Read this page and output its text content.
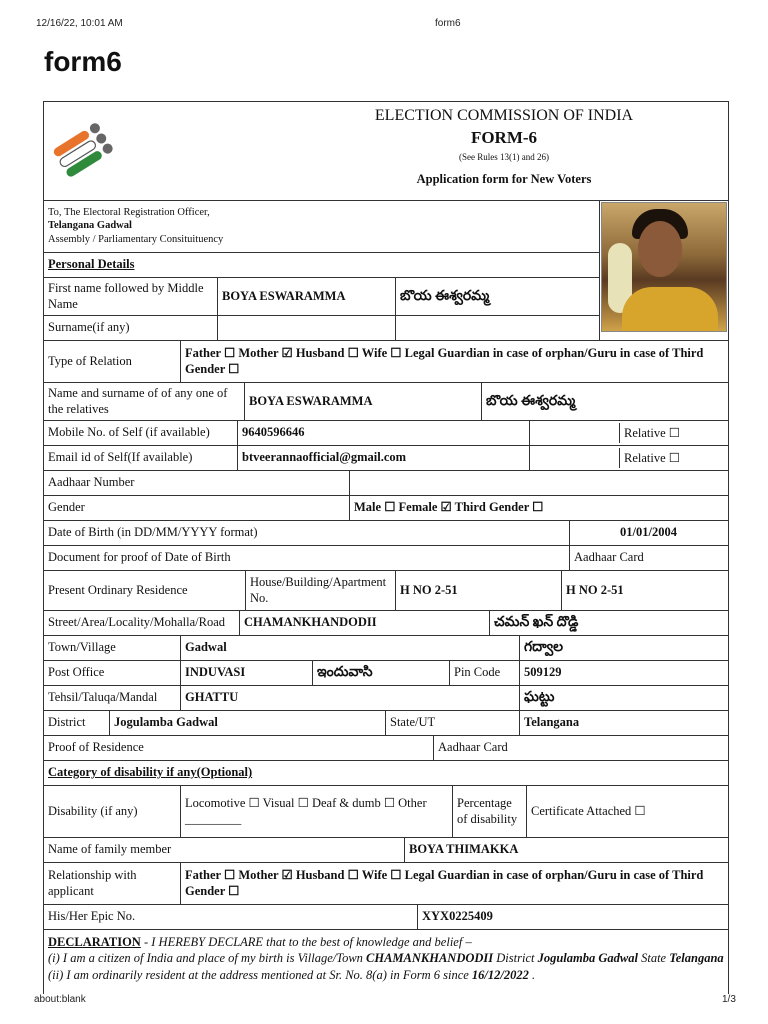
12/16/22, 10:01 AM	form6
form6
ELECTION COMMISSION OF INDIA
FORM-6
(See Rules 13(1) and 26)
Application form for New Voters
To, The Electoral Registration Officer,
Telangana Gadwal
Assembly / Parliamentary Consituituency			

Personal Details			
First name followed by Middle Name	BOYA ESWARAMMA	బొయ ఈశ్వరమ్మ	
Surname(if any)			
Type of Relation	Father ☐ Mother ☑ Husband ☐ Wife ☐ Legal Guardian in case of orphan/Guru in case of Third Gender ☐
Name and surname of of any one of the relatives	BOYA ESWARAMMA	బొయ ఈశ్వరమ్మ
Mobile No. of Self (if available)	9640596646	Relative ☐

Email id of Self(If available)	btveerannaofficial@gmail.com	Relative ☐
Aadhaar Number	
Gender	Male ☐ Female ☑ Third Gender ☐
Date of Birth (in DD/MM/YYYY format)	01/01/2004
Document for proof of Date of Birth	Aadhaar Card
Present Ordinary Residence	House/Building/Apartment No.	H NO 2-51	H NO 2-51
Street/Area/Locality/Mohalla/Road	CHAMANKHANDODII	చమన్ ఖన్ దొడ్డి
Town/Village	Gadwal			గద్వాల
Post Office	INDUVASI	ఇందువాసి	Pin Code	509129
Tehsil/Taluqa/Mandal	GHATTU			ఘట్టు
District	Jogulamba Gadwal	State/UT	Telangana
Proof of Residence	Aadhaar Card
Category of disability if any(Optional)
Disability (if any)	Locomotive ☐ Visual ☐ Deaf & dumb ☐ Other _________	Percentage of disability	Certificate Attached ☐
Name of family member	BOYA THIMAKKA
Relationship with applicant	Father ☐ Mother ☑ Husband ☐ Wife ☐ Legal Guardian in case of orphan/Guru in case of Third Gender ☐
His/Her Epic No.	XYX0225409
DECLARATION - I HEREBY DECLARE that to the best of knowledge and belief –
(i) I am a citizen of India and place of my birth is Village/Town CHAMANKHANDODII District Jogulamba Gadwal State Telangana
(ii) I am ordinarily resident at the address mentioned at Sr. No. 8(a) in Form 6 since 16/12/2022 .
about:blank	1/3
